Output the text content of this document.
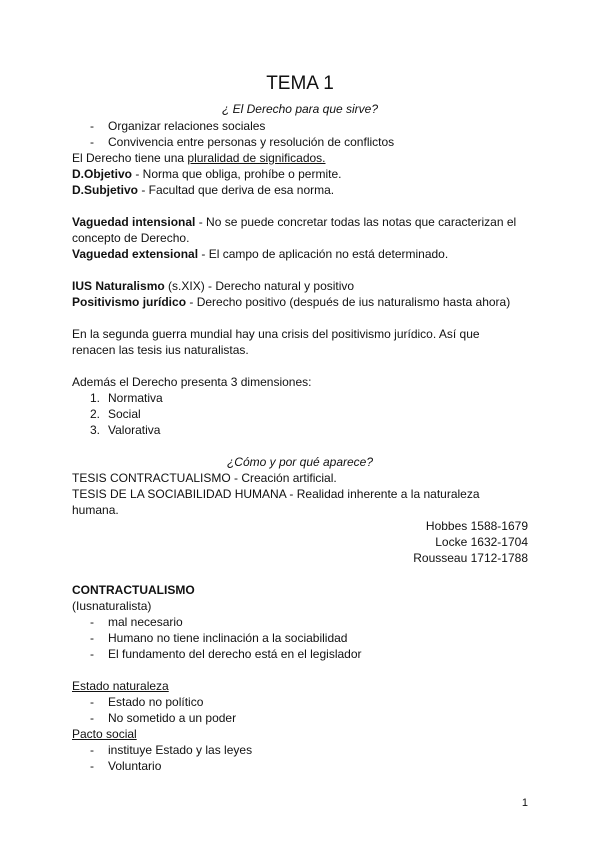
TEMA 1
¿ El Derecho para que sirve?
- Organizar relaciones sociales
- Convivencia entre personas y resolución de conflictos
El Derecho tiene una pluralidad de significados.
D.Objetivo - Norma que obliga, prohíbe o permite.
D.Subjetivo - Facultad que deriva de esa norma.
Vaguedad intensional - No se puede concretar todas las notas que caracterizan el
concepto de Derecho.
Vaguedad extensional - El campo de aplicación no está determinado.
IUS Naturalismo (s.XIX) - Derecho natural y positivo
Positivismo jurídico - Derecho positivo (después de ius naturalismo hasta ahora)
En la segunda guerra mundial hay una crisis del positivismo jurídico. Así que
renacen las tesis ius naturalistas.
Además el Derecho presenta 3 dimensiones:
1. Normativa
2. Social
3. Valorativa
¿Cómo y por qué aparece?
TESIS CONTRACTUALISMO - Creación artificial.
TESIS DE LA SOCIABILIDAD HUMANA - Realidad inherente a la naturaleza
humana.
Hobbes 1588-1679
Locke 1632-1704
Rousseau 1712-1788
CONTRACTUALISMO
(Iusnaturalista)
- mal necesario
- Humano no tiene inclinación a la sociabilidad
- El fundamento del derecho está en el legislador
Estado naturaleza
- Estado no político
- No sometido a un poder
Pacto social
- instituye Estado y las leyes
- Voluntario
1
